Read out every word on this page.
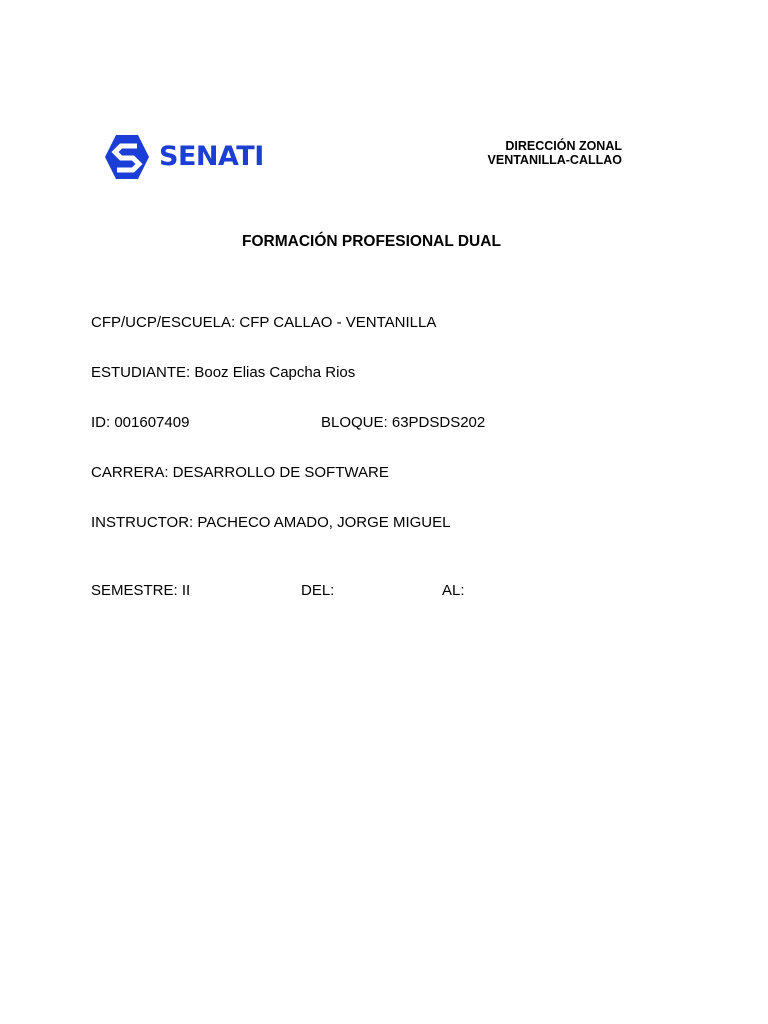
SENATI	DIRECCIÓN ZONAL
VENTANILLA-CALLAO
FORMACIÓN PROFESIONAL DUAL
CFP/UCP/ESCUELA: CFP CALLAO - VENTANILLA
ESTUDIANTE: Booz Elias Capcha Rios
ID: 001607409	BLOQUE: 63PDSDS202
CARRERA: DESARROLLO DE SOFTWARE
INSTRUCTOR: PACHECO AMADO, JORGE MIGUEL
SEMESTRE: II	DEL:	AL:
